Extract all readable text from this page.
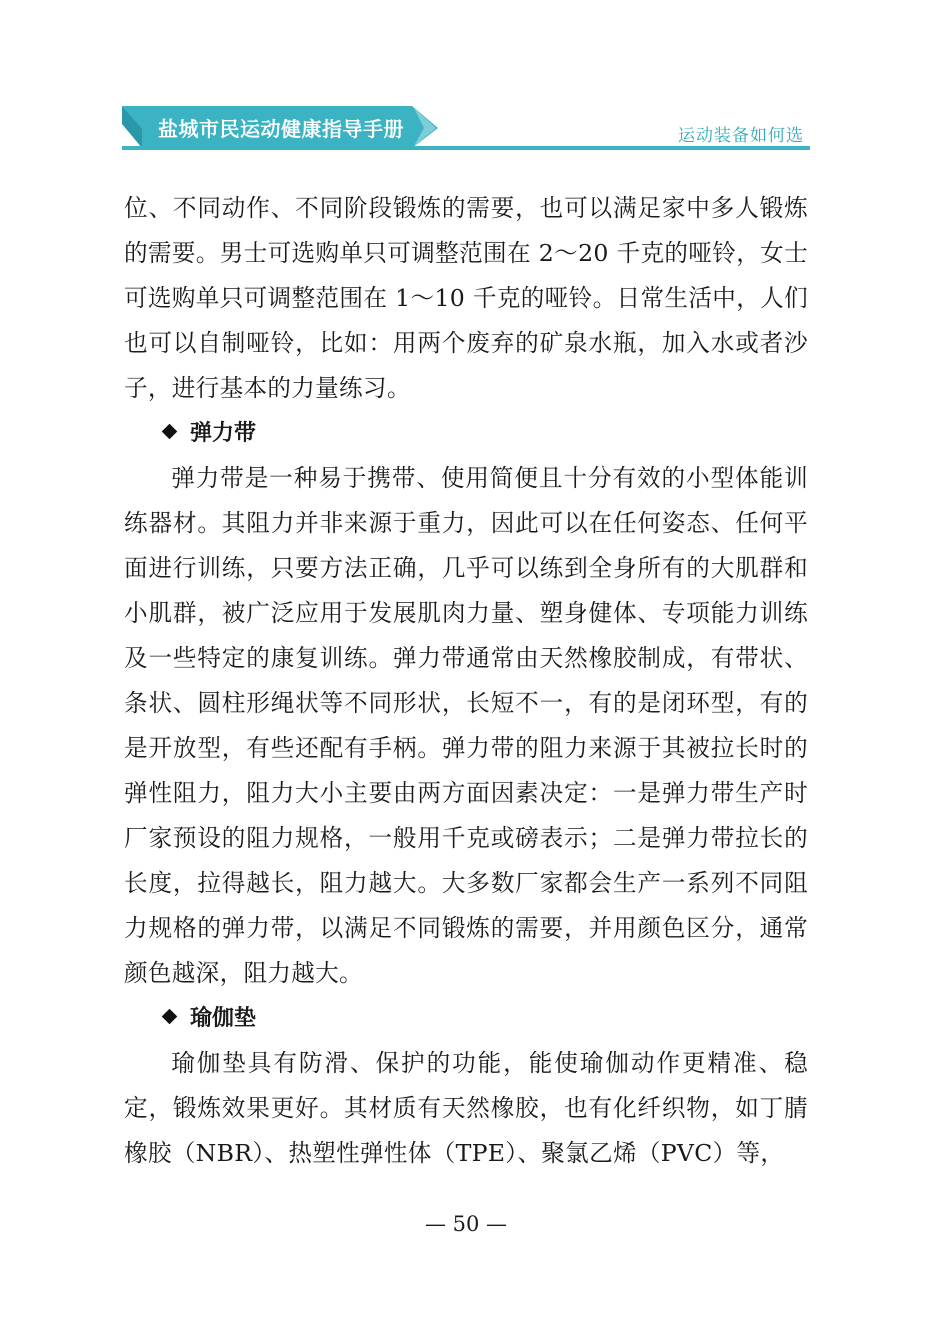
盐城市民运动健康指导手册	运动装备如何选

位、不同动作、不同阶段锻炼的需要，也可以满足家中多人锻炼的需要。男士可选购单只可调整范围在 2～20 千克的哑铃，女士可选购单只可调整范围在 1～10 千克的哑铃。日常生活中，人们也可以自制哑铃，比如：用两个废弃的矿泉水瓶，加入水或者沙子，进行基本的力量练习。

弹力带

弹力带是一种易于携带、使用简便且十分有效的小型体能训练器材。其阻力并非来源于重力，因此可以在任何姿态、任何平面进行训练，只要方法正确，几乎可以练到全身所有的大肌群和小肌群，被广泛应用于发展肌肉力量、塑身健体、专项能力训练及一些特定的康复训练。弹力带通常由天然橡胶制成，有带状、条状、圆柱形绳状等不同形状，长短不一，有的是闭环型，有的是开放型，有些还配有手柄。弹力带的阻力来源于其被拉长时的弹性阻力，阻力大小主要由两方面因素决定：一是弹力带生产时厂家预设的阻力规格，一般用千克或磅表示；二是弹力带拉长的长度，拉得越长，阻力越大。大多数厂家都会生产一系列不同阻力规格的弹力带，以满足不同锻炼的需要，并用颜色区分，通常颜色越深，阻力越大。

瑜伽垫

瑜伽垫具有防滑、保护的功能，能使瑜伽动作更精准、稳定，锻炼效果更好。其材质有天然橡胶，也有化纤织物，如丁腈橡胶（NBR）、热塑性弹性体（TPE）、聚氯乙烯（PVC）等，

— 50 —
